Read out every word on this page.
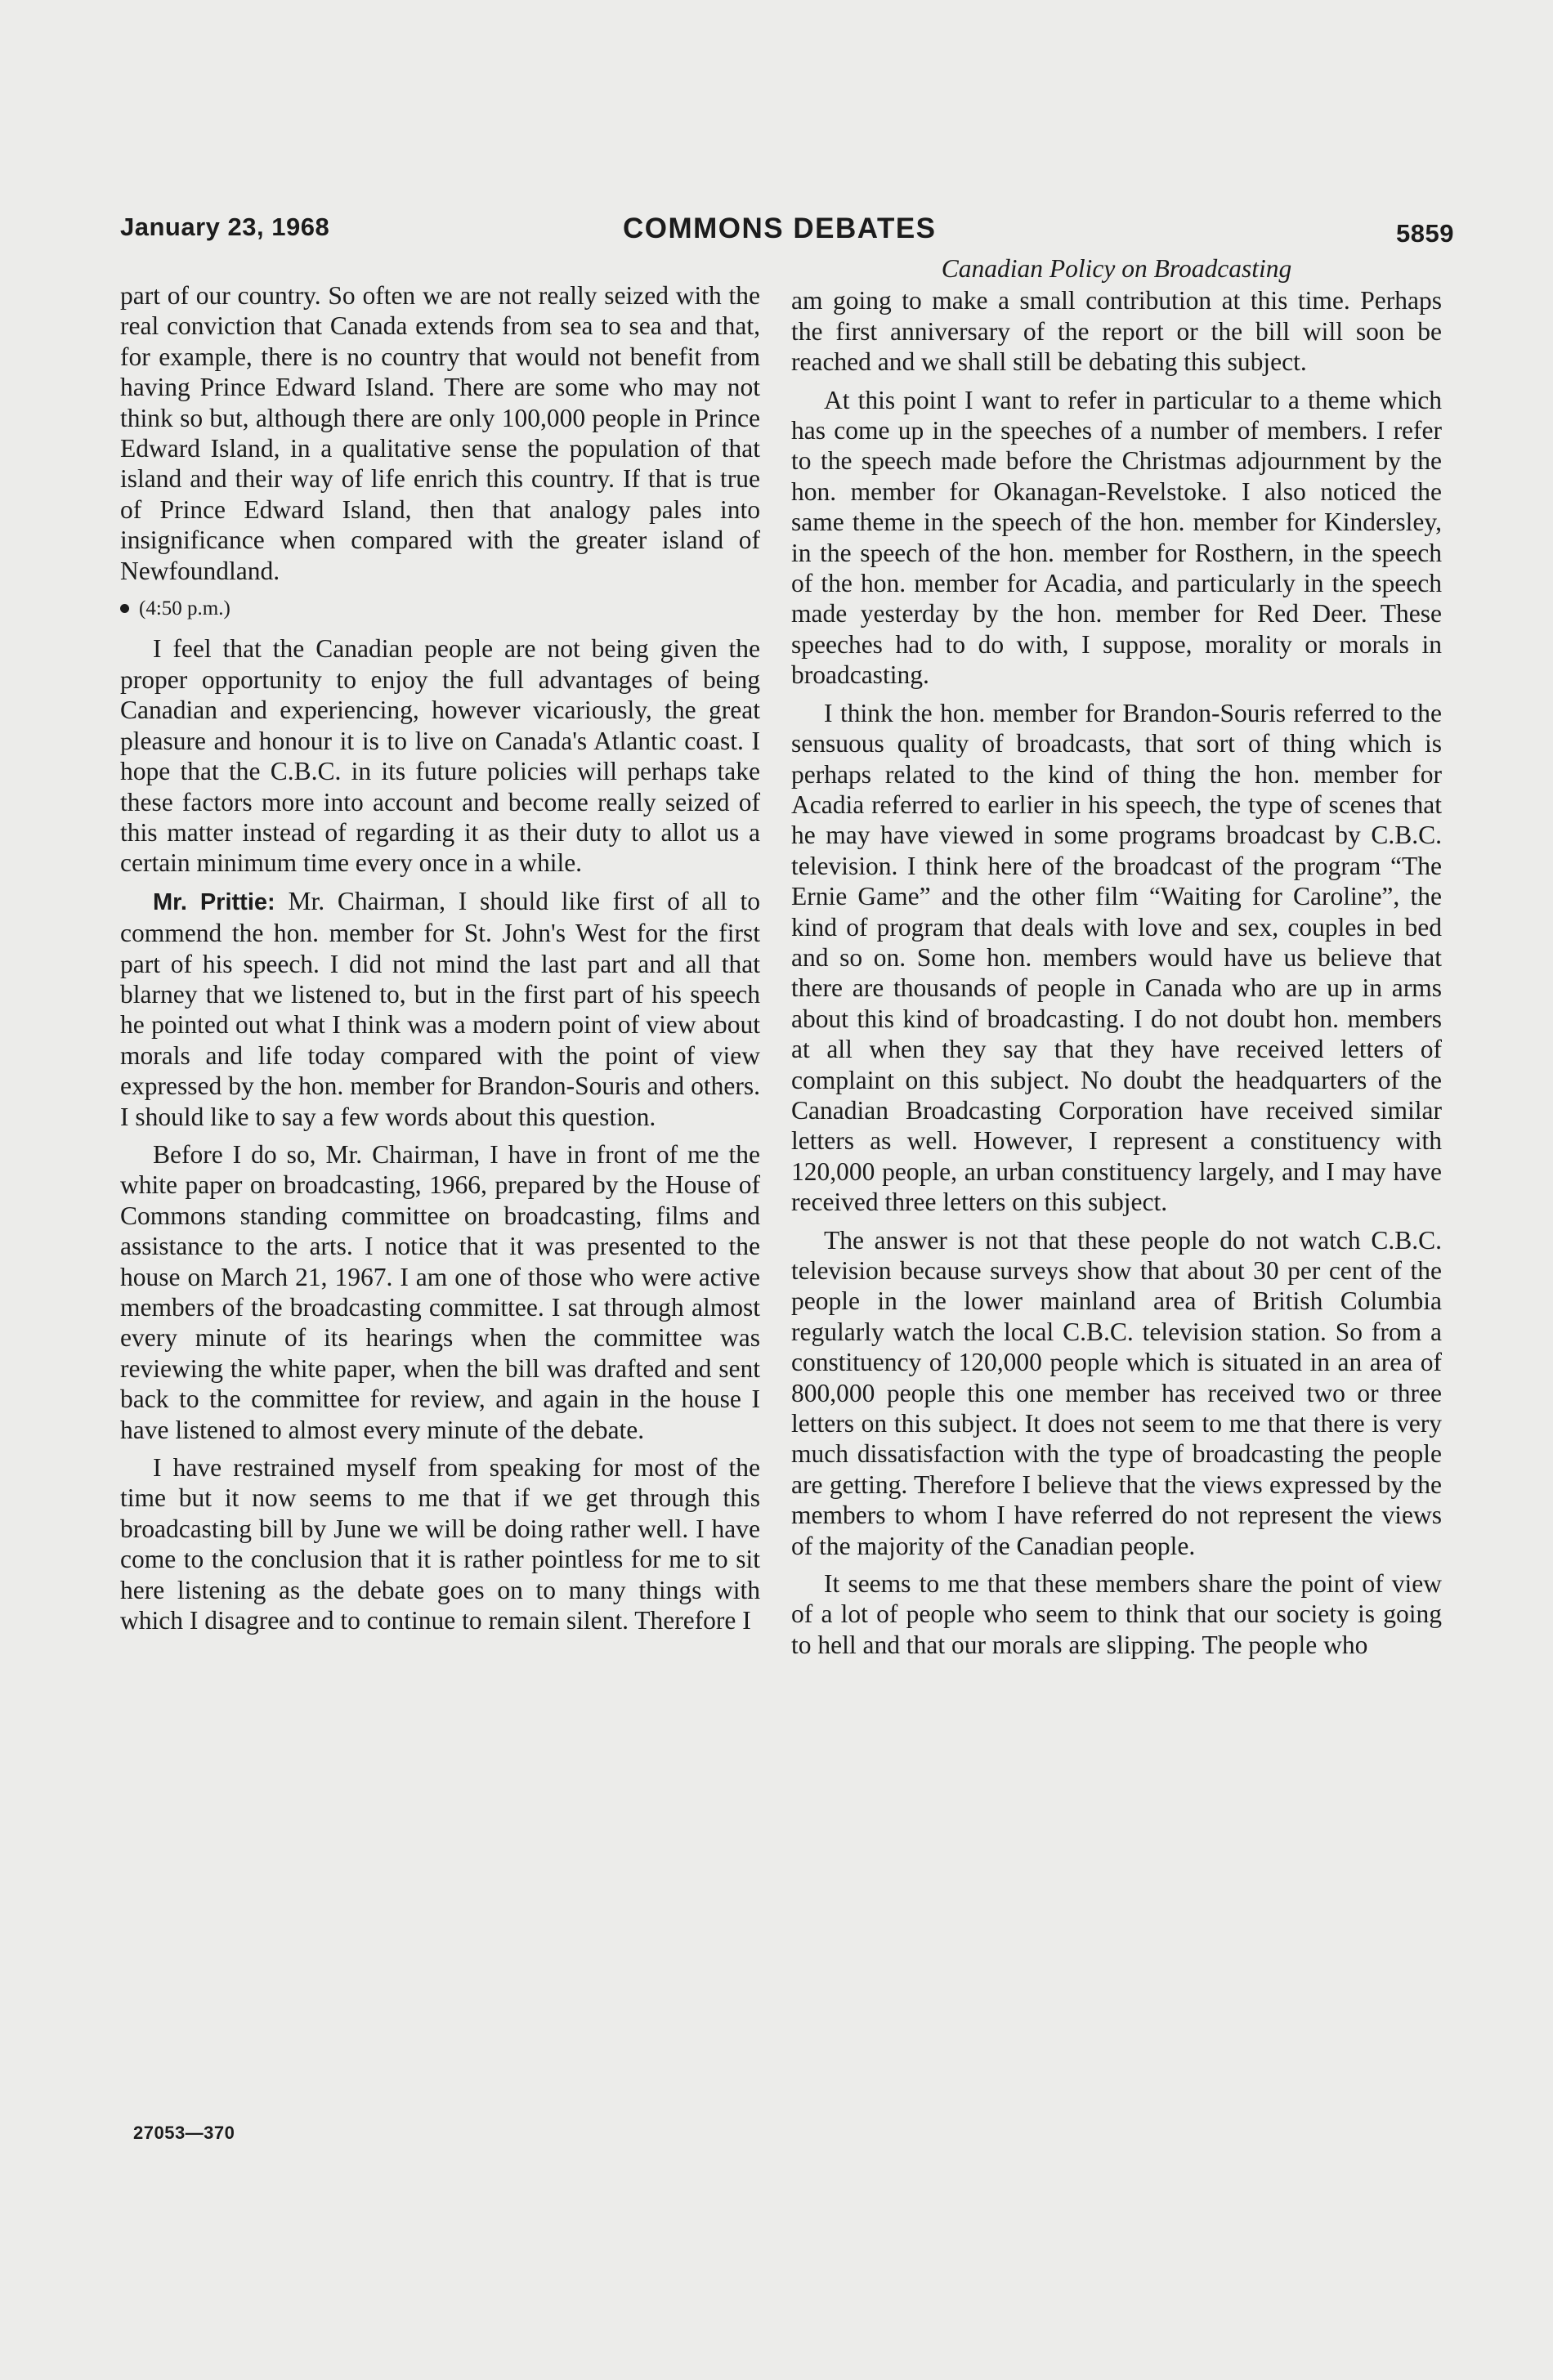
January 23, 1968	COMMONS DEBATES	5859

part of our country. So often we are not really seized with the real conviction that Canada extends from sea to sea and that, for example, there is no country that would not benefit from having Prince Edward Island. There are some who may not think so but, although there are only 100,000 people in Prince Edward Island, in a qualitative sense the population of that island and their way of life enrich this country. If that is true of Prince Edward Island, then that analogy pales into insignificance when compared with the greater island of Newfoundland.

(4:50 p.m.)

I feel that the Canadian people are not being given the proper opportunity to enjoy the full advantages of being Canadian and experiencing, however vicariously, the great pleasure and honour it is to live on Canada's Atlantic coast. I hope that the C.B.C. in its future policies will perhaps take these factors more into account and become really seized of this matter instead of regarding it as their duty to allot us a certain minimum time every once in a while.

Mr. Prittie: Mr. Chairman, I should like first of all to commend the hon. member for St. John's West for the first part of his speech. I did not mind the last part and all that blarney that we listened to, but in the first part of his speech he pointed out what I think was a modern point of view about morals and life today compared with the point of view expressed by the hon. member for Brandon-Souris and others. I should like to say a few words about this question.

Before I do so, Mr. Chairman, I have in front of me the white paper on broadcasting, 1966, prepared by the House of Commons standing committee on broadcasting, films and assistance to the arts. I notice that it was presented to the house on March 21, 1967. I am one of those who were active members of the broadcasting committee. I sat through almost every minute of its hearings when the committee was reviewing the white paper, when the bill was drafted and sent back to the committee for review, and again in the house I have listened to almost every minute of the debate.

I have restrained myself from speaking for most of the time but it now seems to me that if we get through this broadcasting bill by June we will be doing rather well. I have come to the conclusion that it is rather pointless for me to sit here listening as the debate goes on to many things with which I disagree and to continue to remain silent. Therefore I

Canadian Policy on Broadcasting

am going to make a small contribution at this time. Perhaps the first anniversary of the report or the bill will soon be reached and we shall still be debating this subject.

At this point I want to refer in particular to a theme which has come up in the speeches of a number of members. I refer to the speech made before the Christmas adjournment by the hon. member for Okanagan-Revelstoke. I also noticed the same theme in the speech of the hon. member for Kindersley, in the speech of the hon. member for Rosthern, in the speech of the hon. member for Acadia, and particularly in the speech made yesterday by the hon. member for Red Deer. These speeches had to do with, I suppose, morality or morals in broadcasting.

I think the hon. member for Brandon-Souris referred to the sensuous quality of broadcasts, that sort of thing which is perhaps related to the kind of thing the hon. member for Acadia referred to earlier in his speech, the type of scenes that he may have viewed in some programs broadcast by C.B.C. television. I think here of the broadcast of the program “The Ernie Game” and the other film “Waiting for Caroline”, the kind of program that deals with love and sex, couples in bed and so on. Some hon. members would have us believe that there are thousands of people in Canada who are up in arms about this kind of broadcasting. I do not doubt hon. members at all when they say that they have received letters of complaint on this subject. No doubt the headquarters of the Canadian Broadcasting Corporation have received similar letters as well. However, I represent a constituency with 120,000 people, an urban constituency largely, and I may have received three letters on this subject.

The answer is not that these people do not watch C.B.C. television because surveys show that about 30 per cent of the people in the lower mainland area of British Columbia regularly watch the local C.B.C. television station. So from a constituency of 120,000 people which is situated in an area of 800,000 people this one member has received two or three letters on this subject. It does not seem to me that there is very much dissatisfaction with the type of broadcasting the people are getting. Therefore I believe that the views expressed by the members to whom I have referred do not represent the views of the majority of the Canadian people.

It seems to me that these members share the point of view of a lot of people who seem to think that our society is going to hell and that our morals are slipping. The people who

27053—370
